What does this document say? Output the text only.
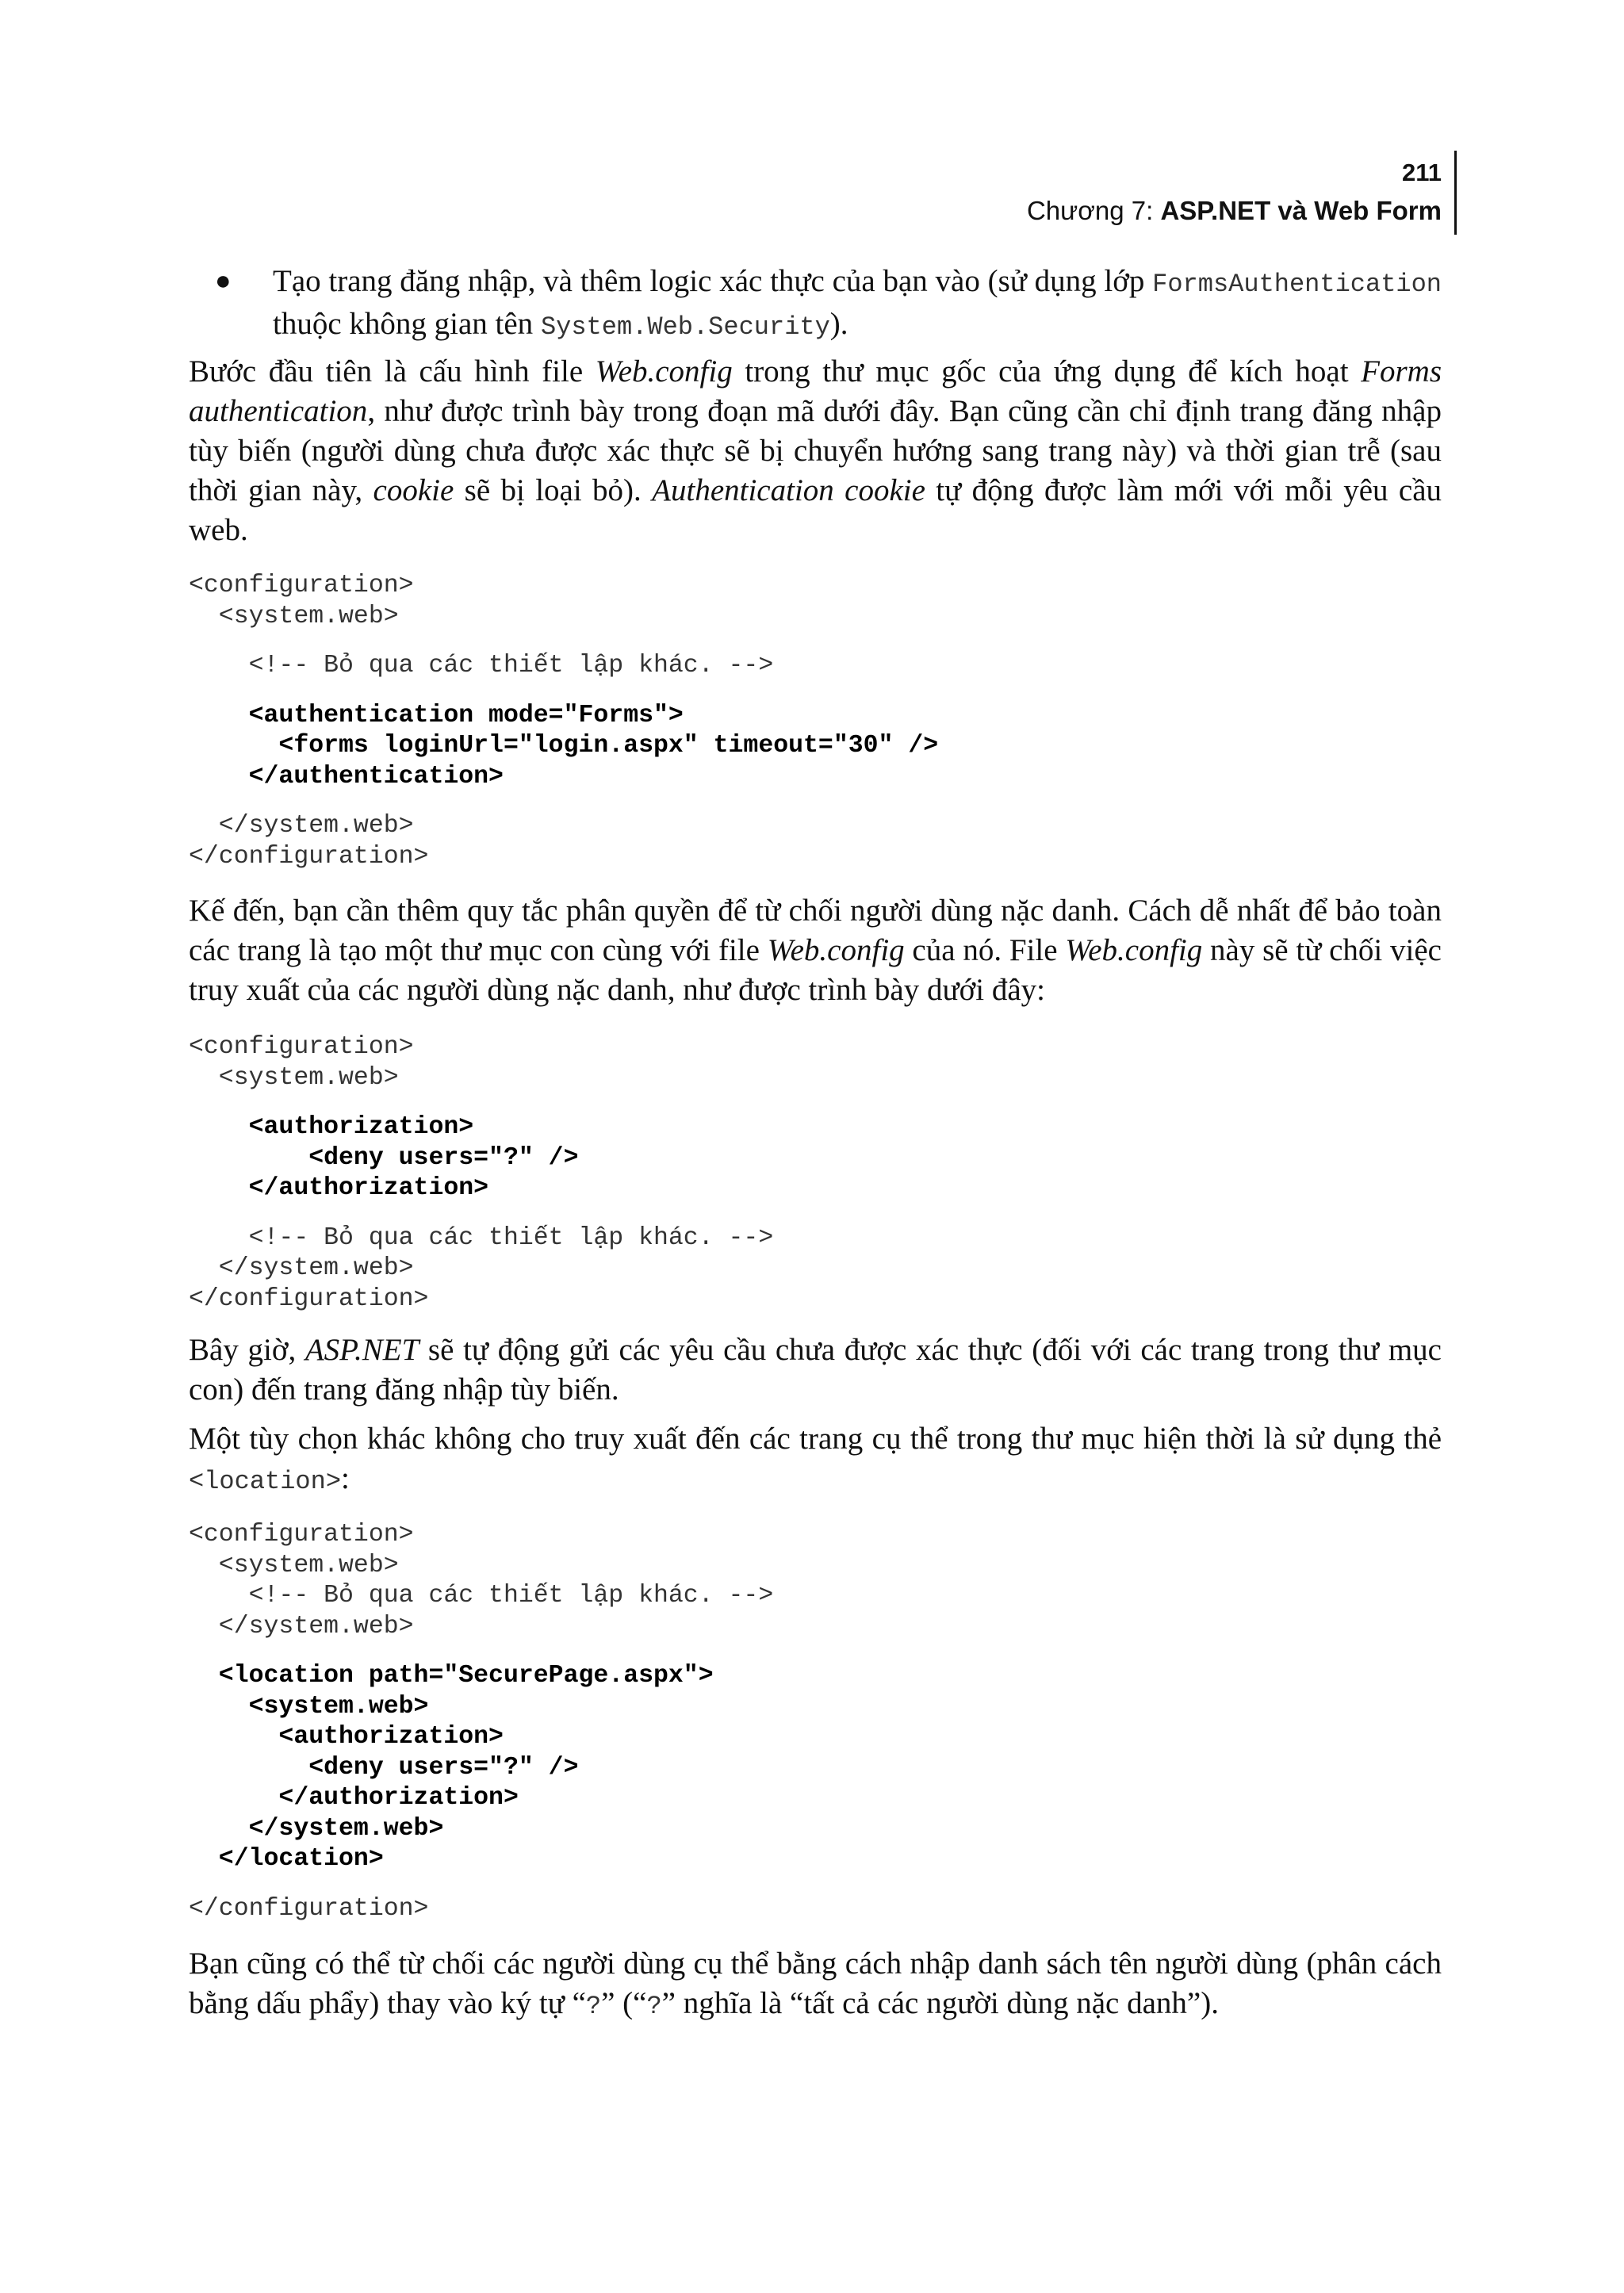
211
Chương 7: ASP.NET và Web Form

● Tạo trang đăng nhập, và thêm logic xác thực của bạn vào (sử dụng lớp FormsAuthentication thuộc không gian tên System.Web.Security).

Bước đầu tiên là cấu hình file Web.config trong thư mục gốc của ứng dụng để kích hoạt Forms authentication, như được trình bày trong đoạn mã dưới đây. Bạn cũng cần chỉ định trang đăng nhập tùy biến (người dùng chưa được xác thực sẽ bị chuyển hướng sang trang này) và thời gian trễ (sau thời gian này, cookie sẽ bị loại bỏ). Authentication cookie tự động được làm mới với mỗi yêu cầu web.

<configuration>
<system.web>
<!-- Bỏ qua các thiết lập khác. -->
<authentication mode="Forms">
<forms loginUrl="login.aspx" timeout="30" />
</authentication>
</system.web>
</configuration>

Kế đến, bạn cần thêm quy tắc phân quyền để từ chối người dùng nặc danh. Cách dễ nhất để bảo toàn các trang là tạo một thư mục con cùng với file Web.config của nó. File Web.config này sẽ từ chối việc truy xuất của các người dùng nặc danh, như được trình bày dưới đây:

<configuration>
<system.web>
<authorization>
<deny users="?" />
</authorization>
<!-- Bỏ qua các thiết lập khác. -->
</system.web>
</configuration>

Bây giờ, ASP.NET sẽ tự động gửi các yêu cầu chưa được xác thực (đối với các trang trong thư mục con) đến trang đăng nhập tùy biến.

Một tùy chọn khác không cho truy xuất đến các trang cụ thể trong thư mục hiện thời là sử dụng thẻ <location>:

<configuration>
<system.web>
<!-- Bỏ qua các thiết lập khác. -->
</system.web>
<location path="SecurePage.aspx">
<system.web>
<authorization>
<deny users="?" />
</authorization>
</system.web>
</location>
</configuration>

Bạn cũng có thể từ chối các người dùng cụ thể bằng cách nhập danh sách tên người dùng (phân cách bằng dấu phẩy) thay vào ký tự “?” (“?” nghĩa là “tất cả các người dùng nặc danh”).
